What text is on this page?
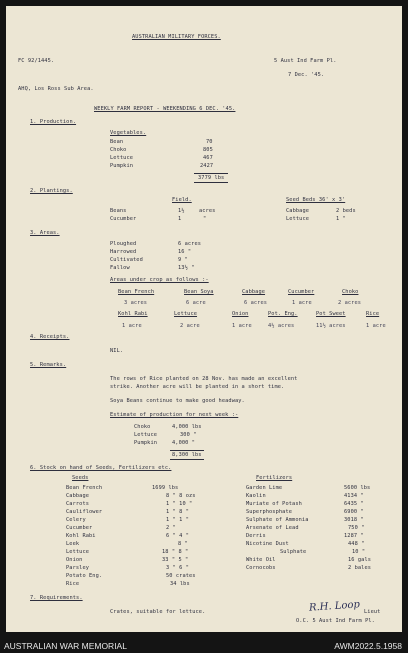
AUSTRALIAN MILITARY FORCES.
FC 92/1445.	5 Aust Ind Farm Pl.
7 Dec. '45.
AHQ, Los Ross Sub Area.
WEEKLY FARM REPORT - WEEKENDING 6 DEC. '45.
1. Production.
Vegetables.
Bean	70
Choko	805
Lettuce	467
Pumpkin	2427
3779 lbs
2. Plantings.
Field.	Seed Beds 36' x 3'
Beans	1½	acres
Cucumber	1	"
Cabbage	2 beds
Lettuce	1 "
3. Areas.
Ploughed	6 acres
Harrowed	16 "
Cultivated	9 "
Fallow	13½ "
Areas under crop as follows :-
Bean French	Bean Soya	Cabbage	Cucumber	Choko
3 acres	6 acre	6 acres	1 acre	2 acres
Kohl Rabi	Lettuce	Onion	Pot. Eng.	Pot Sweet	Rice
1 acre	2 acre	1 acre	4½ acres	11½ acres	1 acre
4. Receipts.
NIL.
5. Remarks.
The rows of Rice planted on 28 Nov. has made an excellent
strike. Another acre will be planted in a short time.
Soya Beans continue to make good headway.
Estimate of production for next week :-
Choko	4,000 lbs
Lettuce	300 "
Pumpkin	4,000 "
8,300 lbs
6. Stock on hand of Seeds, Fertilizers etc.
Seeds	Fertilizers
Bean French	1699 lbs
Cabbage	8 " 8 ozs
Carrots	1 " 10 "
Cauliflower	1 " 8 "
Celery	1 " 1 "
Cucumber	2 "
Kohl Rabi	6 " 4 "
Leek	8 "
Lettuce	18 " 8 "
Onion	33 " 5 "
Parsley	3 " 6 "
Potato Eng.	50 crates
Rice	34 lbs
Garden Lime	5600 lbs
Kaolin	4134 "
Muriate of Potash	6435 "
Superphosphate	6900 "
Sulphate of Ammonia	3018 "
Arsenate of Lead	750 "
Derris	1287 "
Nicotine Dust	448 "
Sulphate	10 "
White Oil	16 gals
Cornocobs	2 bales
7. Requirements.
Crates, suitable for lettuce.	R.H. Loop Lieut
O.C. 5 Aust Ind Farm Pl.
AUSTRALIAN WAR MEMORIAL	AWM2022.5.1958
